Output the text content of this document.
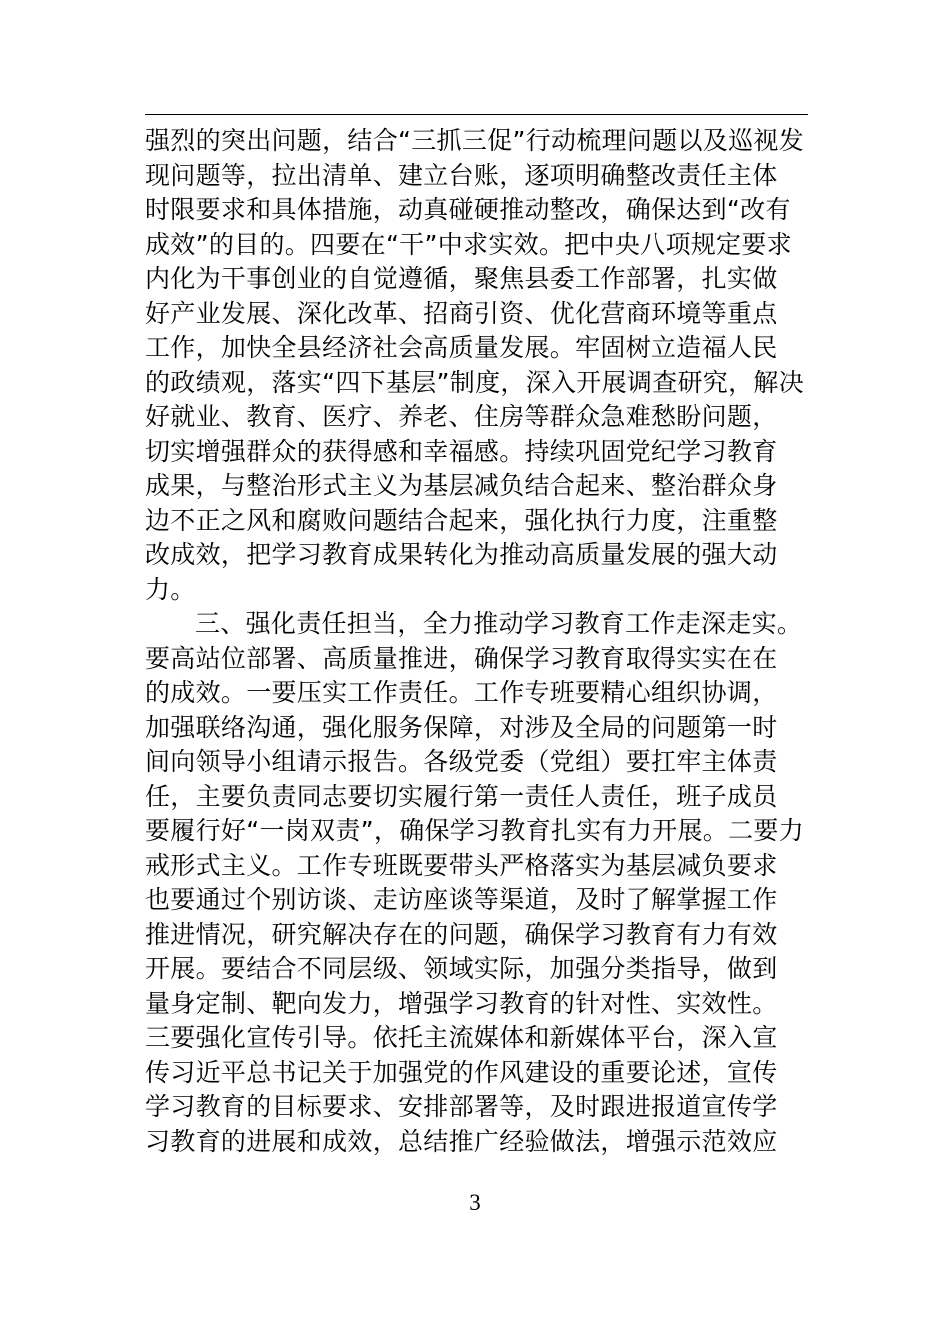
强烈的突出问题，结合“三抓三促”行动梳理问题以及巡视发
现问题等，拉出清单、建立台账，逐项明确整改责任主体
时限要求和具体措施，动真碰硬推动整改，确保达到“改有
成效”的目的。四要在“干”中求实效。把中央八项规定要求
内化为干事创业的自觉遵循，聚焦县委工作部署，扎实做
好产业发展、深化改革、招商引资、优化营商环境等重点
工作，加快全县经济社会高质量发展。牢固树立造福人民
的政绩观，落实“四下基层”制度，深入开展调查研究，解决
好就业、教育、医疗、养老、住房等群众急难愁盼问题，
切实增强群众的获得感和幸福感。持续巩固党纪学习教育
成果，与整治形式主义为基层减负结合起来、整治群众身
边不正之风和腐败问题结合起来，强化执行力度，注重整
改成效，把学习教育成果转化为推动高质量发展的强大动
力。
三、强化责任担当，全力推动学习教育工作走深走实。
要高站位部署、高质量推进，确保学习教育取得实实在在
的成效。一要压实工作责任。工作专班要精心组织协调，
加强联络沟通，强化服务保障，对涉及全局的问题第一时
间向领导小组请示报告。各级党委（党组）要扛牢主体责
任，主要负责同志要切实履行第一责任人责任，班子成员
要履行好“一岗双责”，确保学习教育扎实有力开展。二要力
戒形式主义。工作专班既要带头严格落实为基层减负要求
也要通过个别访谈、走访座谈等渠道，及时了解掌握工作
推进情况，研究解决存在的问题，确保学习教育有力有效
开展。要结合不同层级、领域实际，加强分类指导，做到
量身定制、靶向发力，增强学习教育的针对性、实效性。
三要强化宣传引导。依托主流媒体和新媒体平台，深入宣
传习近平总书记关于加强党的作风建设的重要论述，宣传
学习教育的目标要求、安排部署等，及时跟进报道宣传学
习教育的进展和成效，总结推广经验做法，增强示范效应
3
